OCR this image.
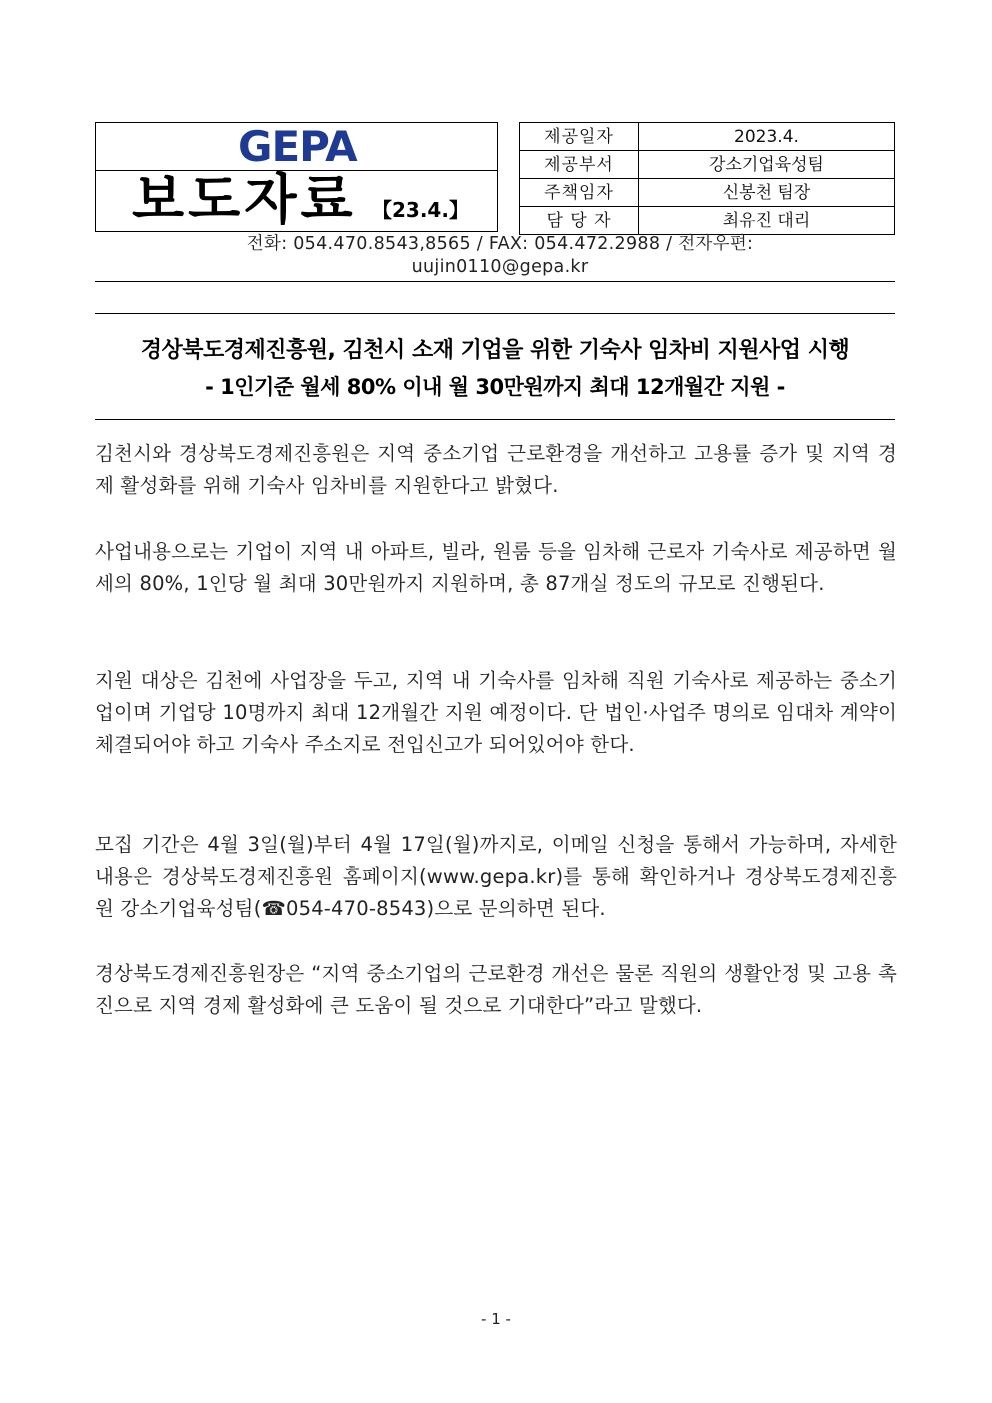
GEPA
보도자료 【23.4.】
제공일자	2023.4.
제공부서	강소기업육성팀
주책임자	신봉천 팀장
담 당 자	최유진 대리
전화: 054.470.8543,8565 / FAX: 054.472.2988 / 전자우편:
uujin0110@gepa.kr
경상북도경제진흥원, 김천시 소재 기업을 위한 기숙사 임차비 지원사업 시행
- 1인기준 월세 80% 이내 월 30만원까지 최대 12개월간 지원 -

김천시와 경상북도경제진흥원은 지역 중소기업 근로환경을 개선하고 고용률 증가 및 지역 경제 활성화를 위해 기숙사 임차비를 지원한다고 밝혔다.

사업내용으로는 기업이 지역 내 아파트, 빌라, 원룸 등을 임차해 근로자 기숙사로 제공하면 월세의 80%, 1인당 월 최대 30만원까지 지원하며, 총 87개실 정도의 규모로 진행된다.

지원 대상은 김천에 사업장을 두고, 지역 내 기숙사를 임차해 직원 기숙사로 제공하는 중소기업이며 기업당 10명까지 최대 12개월간 지원 예정이다. 단 법인·사업주 명의로 임대차 계약이 체결되어야 하고 기숙사 주소지로 전입신고가 되어있어야 한다.

모집 기간은 4월 3일(월)부터 4월 17일(월)까지로, 이메일 신청을 통해서 가능하며, 자세한 내용은 경상북도경제진흥원 홈페이지(www.gepa.kr)를 통해 확인하거나 경상북도경제진흥원 강소기업육성팀(☎054-470-8543)으로 문의하면 된다.

경상북도경제진흥원장은 “지역 중소기업의 근로환경 개선은 물론 직원의 생활안정 및 고용 촉진으로 지역 경제 활성화에 큰 도움이 될 것으로 기대한다”라고 말했다.

- 1 -
